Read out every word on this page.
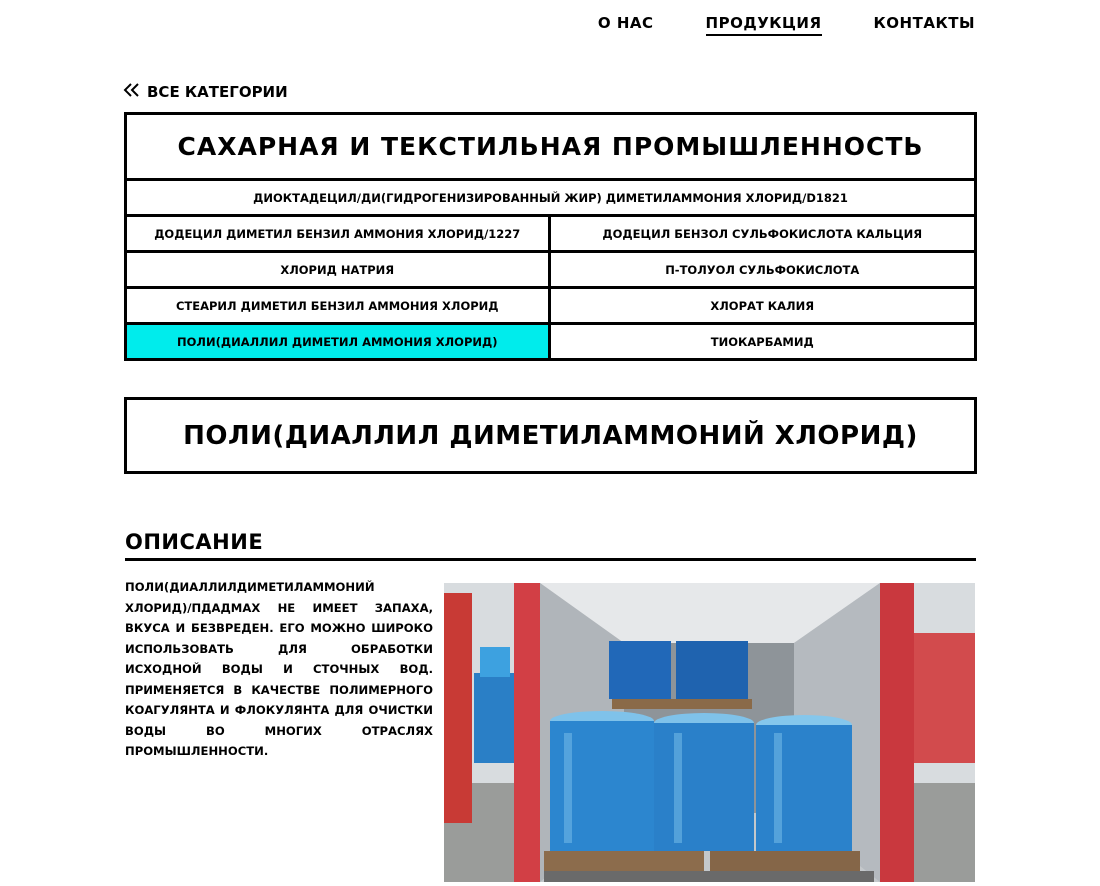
О НАС	ПРОДУКЦИЯ	КОНТАКТЫ
ВСЕ КАТЕГОРИИ
САХАРНАЯ И ТЕКСТИЛЬНАЯ ПРОМЫШЛЕННОСТЬ
ДИОКТАДЕЦИЛ/ДИ(ГИДРОГЕНИЗИРОВАННЫЙ ЖИР) ДИМЕТИЛАММОНИЯ ХЛОРИД/D1821
ДОДЕЦИЛ ДИМЕТИЛ БЕНЗИЛ АММОНИЯ ХЛОРИД/1227	ДОДЕЦИЛ БЕНЗОЛ СУЛЬФОКИСЛОТА КАЛЬЦИЯ
ХЛОРИД НАТРИЯ	П-ТОЛУОЛ СУЛЬФОКИСЛОТА
СТЕАРИЛ ДИМЕТИЛ БЕНЗИЛ АММОНИЯ ХЛОРИД	ХЛОРАТ КАЛИЯ
ПОЛИ(ДИАЛЛИЛ ДИМЕТИЛ АММОНИЯ ХЛОРИД)	ТИОКАРБАМИД
ПОЛИ(ДИАЛЛИЛ ДИМЕТИЛАММОНИЙ ХЛОРИД)
ОПИСАНИЕ

ПОЛИ(ДИАЛЛИЛДИМЕТИЛАММОНИЙ ХЛОРИД)/ПДАДМАХ НЕ ИМЕЕТ ЗАПАХА, ВКУСА И БЕЗВРЕДЕН. ЕГО МОЖНО ШИРОКО ИСПОЛЬЗОВАТЬ ДЛЯ ОБРАБОТКИ ИСХОДНОЙ ВОДЫ И СТОЧНЫХ ВОД. ПРИМЕНЯЕТСЯ В КАЧЕСТВЕ ПОЛИМЕРНОГО КОАГУЛЯНТА И ФЛОКУЛЯНТА ДЛЯ ОЧИСТКИ ВОДЫ ВО МНОГИХ ОТРАСЛЯХ ПРОМЫШЛЕННОСТИ.
